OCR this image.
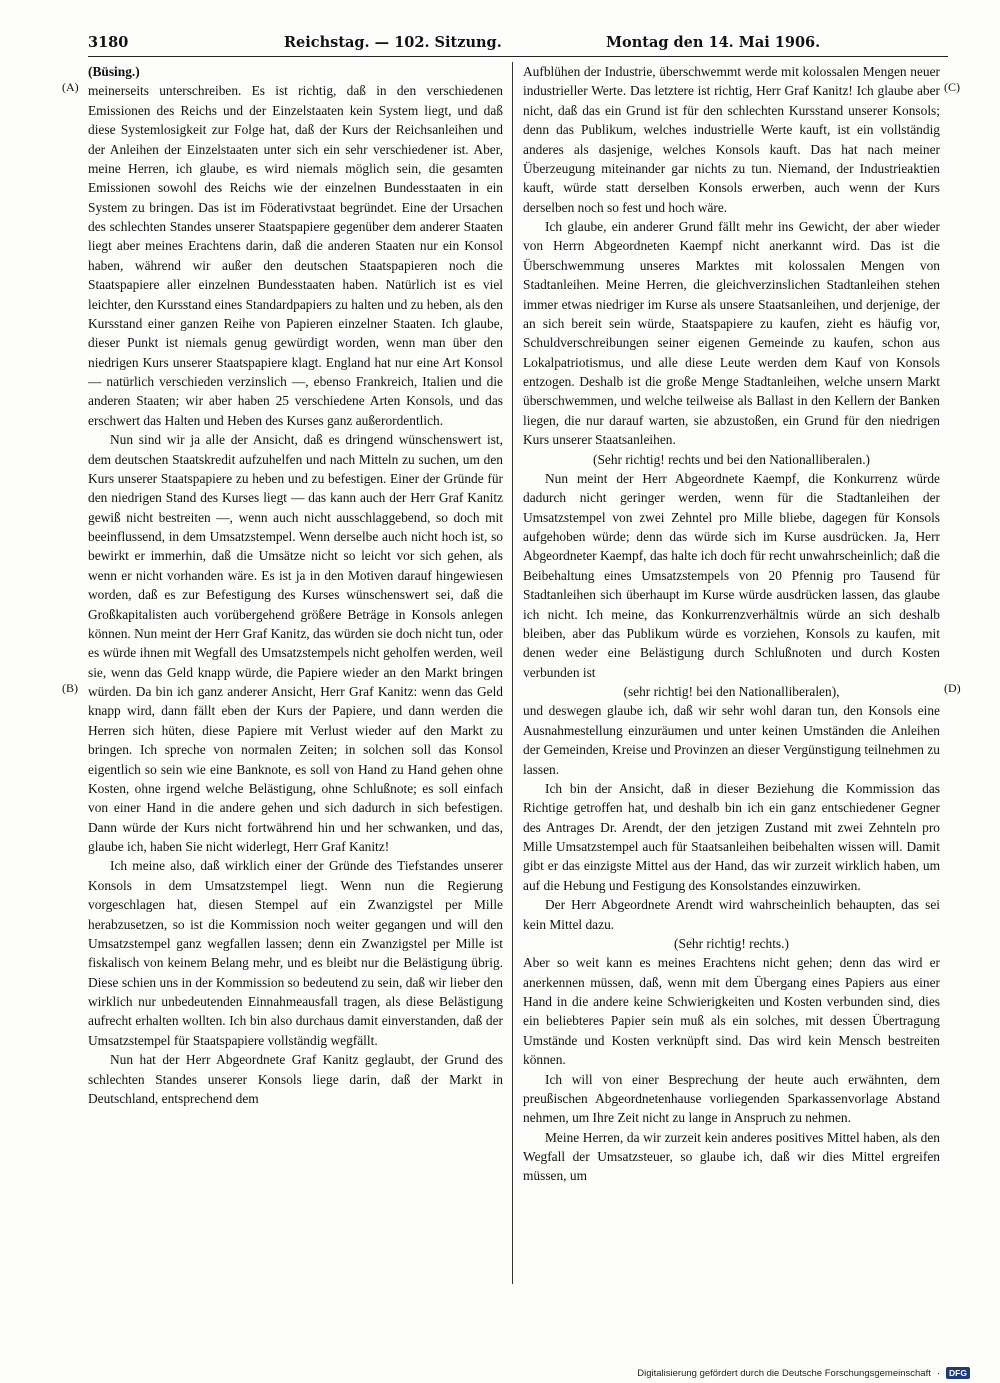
3180	Reichstag. — 102. Sitzung.	Montag den 14. Mai 1906.
(A)
(B)
(C)
(D)

(Büsing.)

meinerseits unterschreiben. Es ist richtig, daß in den verschiedenen Emissionen des Reichs und der Einzelstaaten kein System liegt, und daß diese Systemlosigkeit zur Folge hat, daß der Kurs der Reichsanleihen und der Anleihen der Einzelstaaten unter sich ein sehr verschiedener ist. Aber, meine Herren, ich glaube, es wird niemals möglich sein, die gesamten Emissionen sowohl des Reichs wie der einzelnen Bundesstaaten in ein System zu bringen. Das ist im Föderativstaat begründet. Eine der Ursachen des schlechten Standes unserer Staatspapiere gegenüber dem anderer Staaten liegt aber meines Erachtens darin, daß die anderen Staaten nur ein Konsol haben, während wir außer den deutschen Staatspapieren noch die Staatspapiere aller einzelnen Bundesstaaten haben. Natürlich ist es viel leichter, den Kursstand eines Standardpapiers zu halten und zu heben, als den Kursstand einer ganzen Reihe von Papieren einzelner Staaten. Ich glaube, dieser Punkt ist niemals genug gewürdigt worden, wenn man über den niedrigen Kurs unserer Staatspapiere klagt. England hat nur eine Art Konsol — natürlich verschieden verzinslich —, ebenso Frankreich, Italien und die anderen Staaten; wir aber haben 25 verschiedene Arten Konsols, und das erschwert das Halten und Heben des Kurses ganz außerordentlich.

Nun sind wir ja alle der Ansicht, daß es dringend wünschenswert ist, dem deutschen Staatskredit aufzuhelfen und nach Mitteln zu suchen, um den Kurs unserer Staatspapiere zu heben und zu befestigen. Einer der Gründe für den niedrigen Stand des Kurses liegt — das kann auch der Herr Graf Kanitz gewiß nicht bestreiten —, wenn auch nicht ausschlaggebend, so doch mit beeinflussend, in dem Umsatzstempel. Wenn derselbe auch nicht hoch ist, so bewirkt er immerhin, daß die Umsätze nicht so leicht vor sich gehen, als wenn er nicht vorhanden wäre. Es ist ja in den Motiven darauf hingewiesen worden, daß es zur Befestigung des Kurses wünschenswert sei, daß die Großkapitalisten auch vorübergehend größere Beträge in Konsols anlegen können. Nun meint der Herr Graf Kanitz, das würden sie doch nicht tun, oder es würde ihnen mit Wegfall des Umsatzstempels nicht geholfen werden, weil sie, wenn das Geld knapp würde, die Papiere wieder an den Markt bringen würden. Da bin ich ganz anderer Ansicht, Herr Graf Kanitz: wenn das Geld knapp wird, dann fällt eben der Kurs der Papiere, und dann werden die Herren sich hüten, diese Papiere mit Verlust wieder auf den Markt zu bringen. Ich spreche von normalen Zeiten; in solchen soll das Konsol eigentlich so sein wie eine Banknote, es soll von Hand zu Hand gehen ohne Kosten, ohne irgend welche Belästigung, ohne Schlußnote; es soll einfach von einer Hand in die andere gehen und sich dadurch in sich befestigen. Dann würde der Kurs nicht fortwährend hin und her schwanken, und das, glaube ich, haben Sie nicht widerlegt, Herr Graf Kanitz!

Ich meine also, daß wirklich einer der Gründe des Tiefstandes unserer Konsols in dem Umsatzstempel liegt. Wenn nun die Regierung vorgeschlagen hat, diesen Stempel auf ein Zwanzigstel per Mille herabzusetzen, so ist die Kommission noch weiter gegangen und will den Umsatzstempel ganz wegfallen lassen; denn ein Zwanzigstel per Mille ist fiskalisch von keinem Belang mehr, und es bleibt nur die Belästigung übrig. Diese schien uns in der Kommission so bedeutend zu sein, daß wir lieber den wirklich nur unbedeutenden Einnahmeausfall tragen, als diese Belästigung aufrecht erhalten wollten. Ich bin also durchaus damit einverstanden, daß der Umsatzstempel für Staatspapiere vollständig wegfällt.

Nun hat der Herr Abgeordnete Graf Kanitz geglaubt, der Grund des schlechten Standes unserer Konsols liege darin, daß der Markt in Deutschland, entsprechend dem

Aufblühen der Industrie, überschwemmt werde mit kolossalen Mengen neuer industrieller Werte. Das letztere ist richtig, Herr Graf Kanitz! Ich glaube aber nicht, daß das ein Grund ist für den schlechten Kursstand unserer Konsols; denn das Publikum, welches industrielle Werte kauft, ist ein vollständig anderes als dasjenige, welches Konsols kauft. Das hat nach meiner Überzeugung miteinander gar nichts zu tun. Niemand, der Industrieaktien kauft, würde statt derselben Konsols erwerben, auch wenn der Kurs derselben noch so fest und hoch wäre.

Ich glaube, ein anderer Grund fällt mehr ins Gewicht, der aber wieder von Herrn Abgeordneten Kaempf nicht anerkannt wird. Das ist die Überschwemmung unseres Marktes mit kolossalen Mengen von Stadtanleihen. Meine Herren, die gleichverzinslichen Stadtanleihen stehen immer etwas niedriger im Kurse als unsere Staatsanleihen, und derjenige, der an sich bereit sein würde, Staatspapiere zu kaufen, zieht es häufig vor, Schuldverschreibungen seiner eigenen Gemeinde zu kaufen, schon aus Lokalpatriotismus, und alle diese Leute werden dem Kauf von Konsols entzogen. Deshalb ist die große Menge Stadtanleihen, welche unsern Markt überschwemmen, und welche teilweise als Ballast in den Kellern der Banken liegen, die nur darauf warten, sie abzustoßen, ein Grund für den niedrigen Kurs unserer Staatsanleihen.

(Sehr richtig! rechts und bei den Nationalliberalen.)

Nun meint der Herr Abgeordnete Kaempf, die Konkurrenz würde dadurch nicht geringer werden, wenn für die Stadtanleihen der Umsatzstempel von zwei Zehntel pro Mille bliebe, dagegen für Konsols aufgehoben würde; denn das würde sich im Kurse ausdrücken. Ja, Herr Abgeordneter Kaempf, das halte ich doch für recht unwahrscheinlich; daß die Beibehaltung eines Umsatzstempels von 20 Pfennig pro Tausend für Stadtanleihen sich überhaupt im Kurse würde ausdrücken lassen, das glaube ich nicht. Ich meine, das Konkurrenzverhältnis würde an sich deshalb bleiben, aber das Publikum würde es vorziehen, Konsols zu kaufen, mit denen weder eine Belästigung durch Schlußnoten und durch Kosten verbunden ist

(sehr richtig! bei den Nationalliberalen),

und deswegen glaube ich, daß wir sehr wohl daran tun, den Konsols eine Ausnahmestellung einzuräumen und unter keinen Umständen die Anleihen der Gemeinden, Kreise und Provinzen an dieser Vergünstigung teilnehmen zu lassen.

Ich bin der Ansicht, daß in dieser Beziehung die Kommission das Richtige getroffen hat, und deshalb bin ich ein ganz entschiedener Gegner des Antrages Dr. Arendt, der den jetzigen Zustand mit zwei Zehnteln pro Mille Umsatzstempel auch für Staatsanleihen beibehalten wissen will. Damit gibt er das einzigste Mittel aus der Hand, das wir zurzeit wirklich haben, um auf die Hebung und Festigung des Konsolstandes einzuwirken.

Der Herr Abgeordnete Arendt wird wahrscheinlich behaupten, das sei kein Mittel dazu.

(Sehr richtig! rechts.)

Aber so weit kann es meines Erachtens nicht gehen; denn das wird er anerkennen müssen, daß, wenn mit dem Übergang eines Papiers aus einer Hand in die andere keine Schwierigkeiten und Kosten verbunden sind, dies ein beliebteres Papier sein muß als ein solches, mit dessen Übertragung Umstände und Kosten verknüpft sind. Das wird kein Mensch bestreiten können.

Ich will von einer Besprechung der heute auch erwähnten, dem preußischen Abgeordnetenhause vorliegenden Sparkassenvorlage Abstand nehmen, um Ihre Zeit nicht zu lange in Anspruch zu nehmen.

Meine Herren, da wir zurzeit kein anderes positives Mittel haben, als den Wegfall der Umsatzsteuer, so glaube ich, daß wir dies Mittel ergreifen müssen, um

Digitalisierung gefördert durch die Deutsche Forschungsgemeinschaft ·	DFG
